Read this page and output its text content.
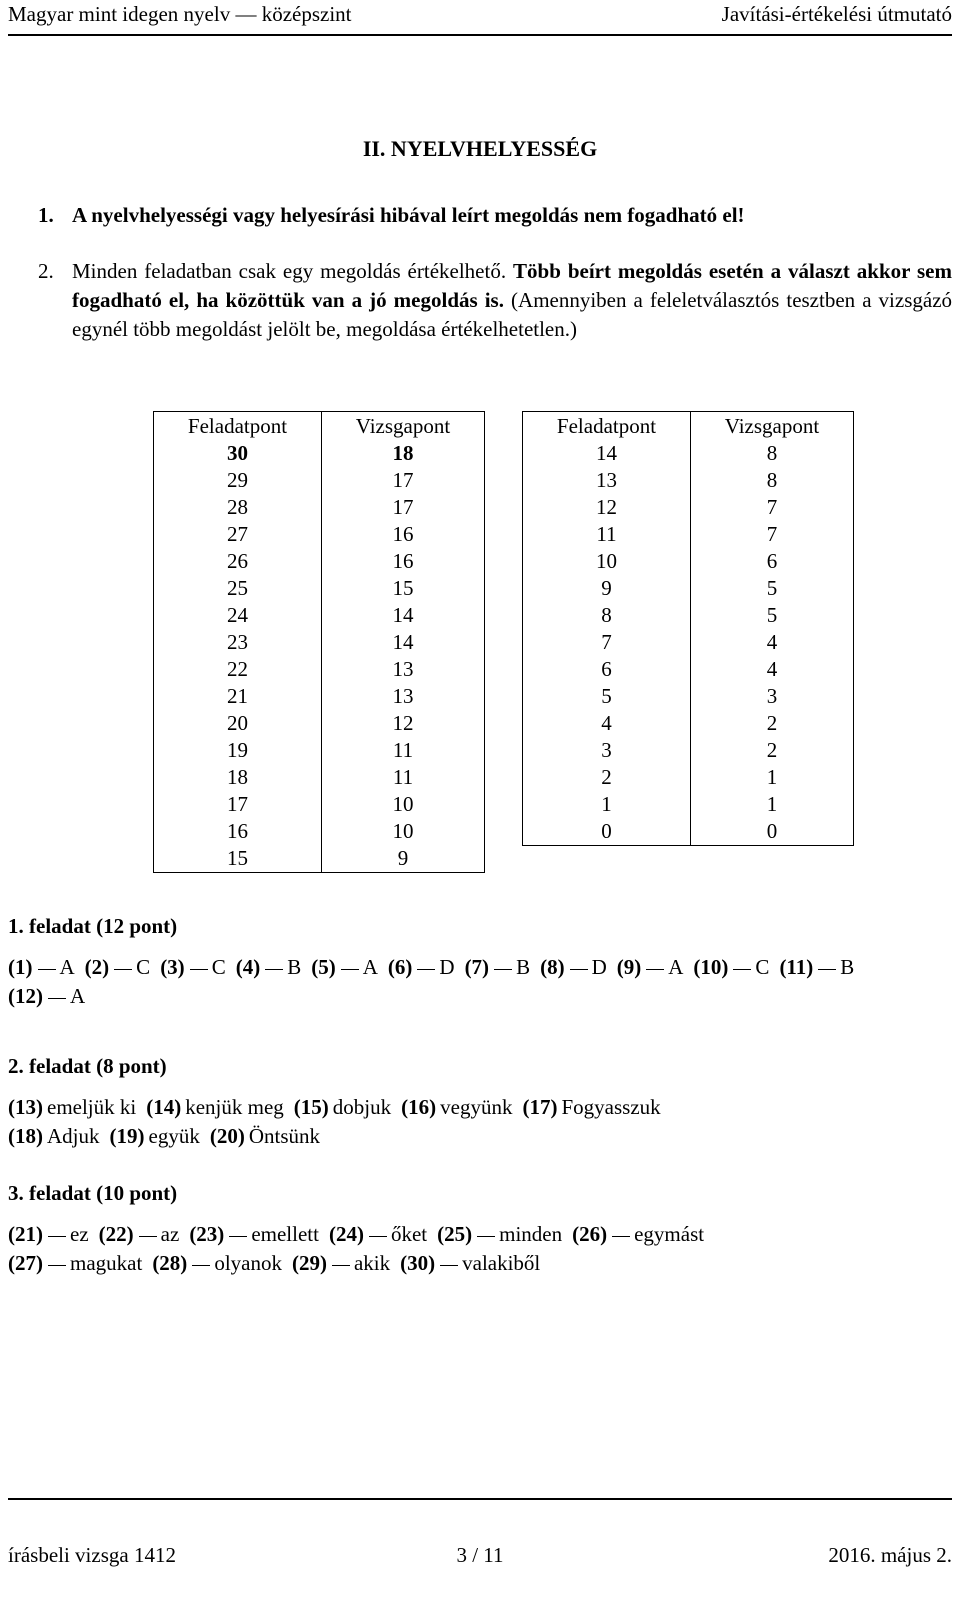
Magyar mint idegen nyelv — középszint	Javítási-értékelési útmutató
II. NYELVHELYESSÉG
1. A nyelvhelyességi vagy helyesírási hibával leírt megoldás nem fogadható el!
2. Minden feladatban csak egy megoldás értékelhető. Több beírt megoldás esetén a választ akkor sem fogadható el, ha közöttük van a jó megoldás is. (Amennyiben a feleletválasztós tesztben a vizsgázó egynél több megoldást jelölt be, megoldása értékelhetetlen.)
Feladatpont	Vizsgapont
30	18
29	17
28	17
27	16
26	16
25	15
24	14
23	14
22	13
21	13
20	12
19	11
18	11
17	10
16	10
15	9
Feladatpont	Vizsgapont
14	8
13	8
12	7
11	7
10	6
9	5
8	5
7	4
6	4
5	3
4	2
3	2
2	1
1	1
0	0
1. feladat (12 pont)
(1) A (2) C (3) C (4) B (5) A (6) D (7) B (8) D (9) A (10) C (11) B
(12) A
2. feladat (8 pont)
(13) emeljük ki (14) kenjük meg (15) dobjuk (16) vegyünk (17) Fogyasszuk
(18) Adjuk (19) együk (20) Öntsünk
3. feladat (10 pont)
(21) ez (22) az (23) emellett (24) őket (25) minden (26) egymást
(27) magukat (28) olyanok (29) akik (30) valakiből
írásbeli vizsga 1412	3 / 11	2016. május 2.
